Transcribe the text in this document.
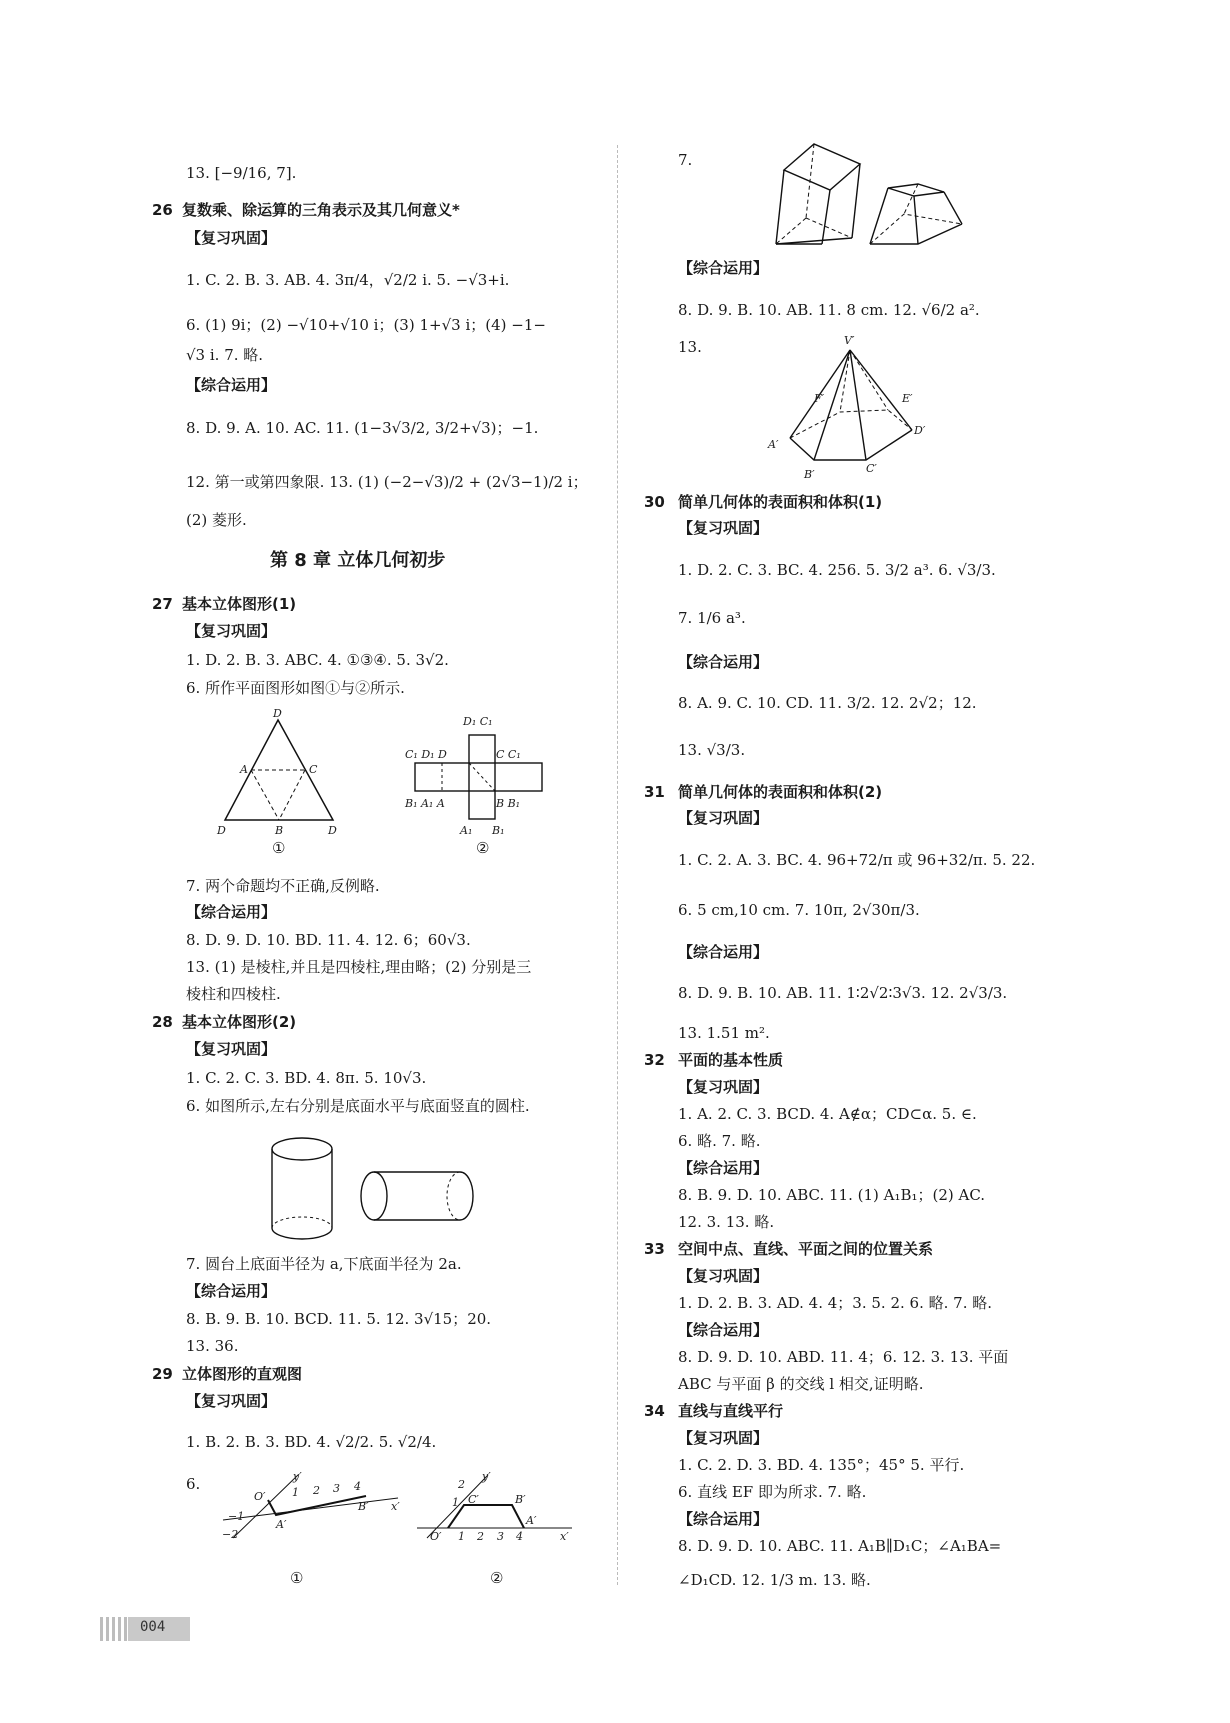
13. [−9/16, 7].
26 复数乘、除运算的三角表示及其几何意义*
【复习巩固】
1. C. 2. B. 3. AB. 4. 3π/4，√2/2 i. 5. −√3+i.
6. (1) 9i；(2) −√10+√10 i；(3) 1+√3 i；(4) −1−
√3 i. 7. 略.
【综合运用】
8. D. 9. A. 10. AC. 11. (1−3√3/2, 3/2+√3)；−1.
12. 第一或第四象限. 13. (1) (−2−√3)/2 + (2√3−1)/2 i；
(2) 菱形.
第 8 章 立体几何初步
27 基本立体图形(1)
【复习巩固】
1. D. 2. B. 3. ABC. 4. ①③④. 5. 3√2.
6. 所作平面图形如图①与②所示.
D
A	C
D	B	D
①
D₁ C₁
C₁ D₁ D	C C₁
B₁ A₁ A	B B₁
A₁ B₁
②
7. 两个命题均不正确,反例略.
【综合运用】
8. D. 9. D. 10. BD. 11. 4. 12. 6；60√3.
13. (1) 是棱柱,并且是四棱柱,理由略；(2) 分别是三
棱柱和四棱柱.
28 基本立体图形(2)
【复习巩固】
1. C. 2. C. 3. BD. 4. 8π. 5. 10√3.
6. 如图所示,左右分别是底面水平与底面竖直的圆柱.
7. 圆台上底面半径为 a,下底面半径为 2a.
【综合运用】
8. B. 9. B. 10. BCD. 11. 5. 12. 3√15；20.
13. 36.
29 立体图形的直观图
【复习巩固】
1. B. 2. B. 3. BD. 4. √2/2. 5. √2/4.
6.
O′
y′
x′
1 2 3 4
−1
−2
A′
B′
①
O′
y′
x′
1 2 3 4
1
2
C′	B′
A′
②
7.
【综合运用】
8. D. 9. B. 10. AB. 11. 8 cm. 12. √6/2 a².
13.	V′
F′	E′
D′
A′
B′	C′
30 简单几何体的表面积和体积(1)
【复习巩固】
1. D. 2. C. 3. BC. 4. 256. 5. 3/2 a³. 6. √3/3.
7. 1/6 a³.
【综合运用】
8. A. 9. C. 10. CD. 11. 3/2. 12. 2√2；12.
13. √3/3.
31 简单几何体的表面积和体积(2)
【复习巩固】
1. C. 2. A. 3. BC. 4. 96+72/π 或 96+32/π. 5. 22.
6. 5 cm,10 cm. 7. 10π, 2√30π/3.
【综合运用】
8. D. 9. B. 10. AB. 11. 1∶2√2∶3√3. 12. 2√3/3.
13. 1.51 m².
32 平面的基本性质
【复习巩固】
1. A. 2. C. 3. BCD. 4. A∉α；CD⊂α. 5. ∈.
6. 略. 7. 略.
【综合运用】
8. B. 9. D. 10. ABC. 11. (1) A₁B₁；(2) AC.
12. 3. 13. 略.
33 空间中点、直线、平面之间的位置关系
【复习巩固】
1. D. 2. B. 3. AD. 4. 4；3. 5. 2. 6. 略. 7. 略.
【综合运用】
8. D. 9. D. 10. ABD. 11. 4；6. 12. 3. 13. 平面
ABC 与平面 β 的交线 l 相交,证明略.
34 直线与直线平行
【复习巩固】
1. C. 2. D. 3. BD. 4. 135°；45° 5. 平行.
6. 直线 EF 即为所求. 7. 略.
【综合运用】
8. D. 9. D. 10. ABC. 11. A₁B∥D₁C；∠A₁BA=
∠D₁CD. 12. 1/3 m. 13. 略.
004
